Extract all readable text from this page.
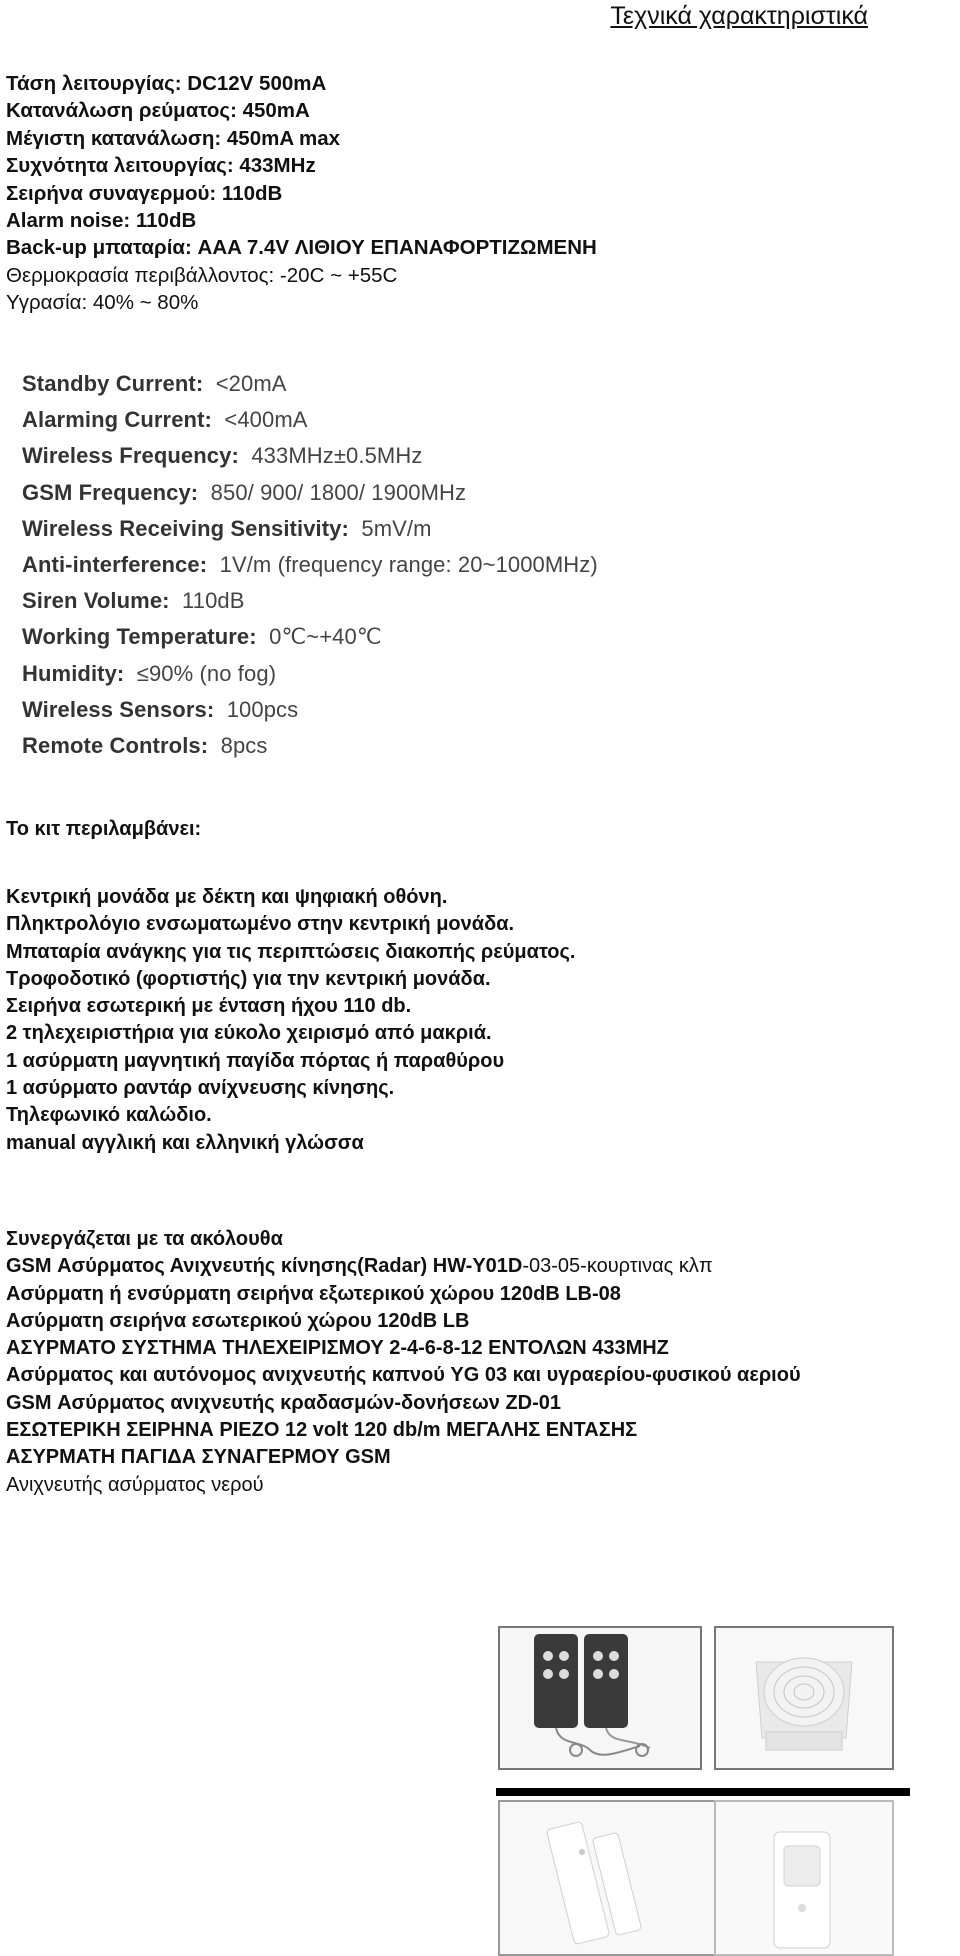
Τεχνικά χαρακτηριστικά
Τάση λειτουργίας: DC12V 500mA
Κατανάλωση ρεύματος: 450mA
Μέγιστη κατανάλωση: 450mA max
Συχνότητα λειτουργίας: 433MHz
Σειρήνα συναγερμού: 110dB
Alarm noise: 110dB
Back-up μπαταρία: AAA 7.4V ΛΙΘΙΟΥ ΕΠΑΝΑΦΟΡΤΙΖΩΜΕΝΗ
Θερμοκρασία περιβάλλοντος: -20C ~ +55C
Υγρασία: 40% ~ 80%
Standby Current: <20mA
Alarming Current: <400mA
Wireless Frequency: 433MHz±0.5MHz
GSM Frequency: 850/ 900/ 1800/ 1900MHz
Wireless Receiving Sensitivity: 5mV/m
Anti-interference: 1V/m (frequency range: 20~1000MHz)
Siren Volume: 110dB
Working Temperature: 0℃~+40℃
Humidity: ≤90% (no fog)
Wireless Sensors: 100pcs
Remote Controls: 8pcs
Το κιτ περιλαμβάνει:
Κεντρική μονάδα με δέκτη και ψηφιακή οθόνη.
Πληκτρολόγιο ενσωματωμένο στην κεντρική μονάδα.
Μπαταρία ανάγκης για τις περιπτώσεις διακοπής ρεύματος.
Τροφοδοτικό (φορτιστής) για την κεντρική μονάδα.
Σειρήνα εσωτερική με ένταση ήχου 110 db.
2 τηλεχειριστήρια για εύκολο χειρισμό από μακριά.
1 ασύρματη μαγνητική παγίδα πόρτας ή παραθύρου
1 ασύρματο ραντάρ ανίχνευσης κίνησης.
Τηλεφωνικό καλώδιο.
manual αγγλική και ελληνική γλώσσα
Συνεργάζεται με τα ακόλουθα
GSM Ασύρματος Ανιχνευτής κίνησης(Radar) HW-Y01D-03-05-κουρτινας κλπ
Ασύρματη ή ενσύρματη σειρήνα εξωτερικού χώρου 120dB LB-08
Ασύρματη σειρήνα εσωτερικού χώρου 120dB LB
ΑΣΥΡΜΑΤΟ ΣΥΣΤΗΜΑ ΤΗΛΕΧΕΙΡΙΣΜΟΥ 2-4-6-8-12 ΕΝΤΟΛΩΝ 433ΜΗΖ
Ασύρματος και αυτόνομος ανιχνευτής καπνού YG 03 και υγραερίου-φυσικού αεριού
GSM Ασύρματος ανιχνευτής κραδασμών-δονήσεων ZD-01
ΕΣΩΤΕΡΙΚΗ ΣΕΙΡΗΝΑ PIEZO 12 volt 120 db/m ΜΕΓΑΛΗΣ ΕΝΤΑΣΗΣ
ΑΣΥΡΜΑΤΗ ΠΑΓΙΔΑ ΣΥΝΑΓΕΡΜΟΥ GSM
Ανιχνευτής ασύρματος νερού
